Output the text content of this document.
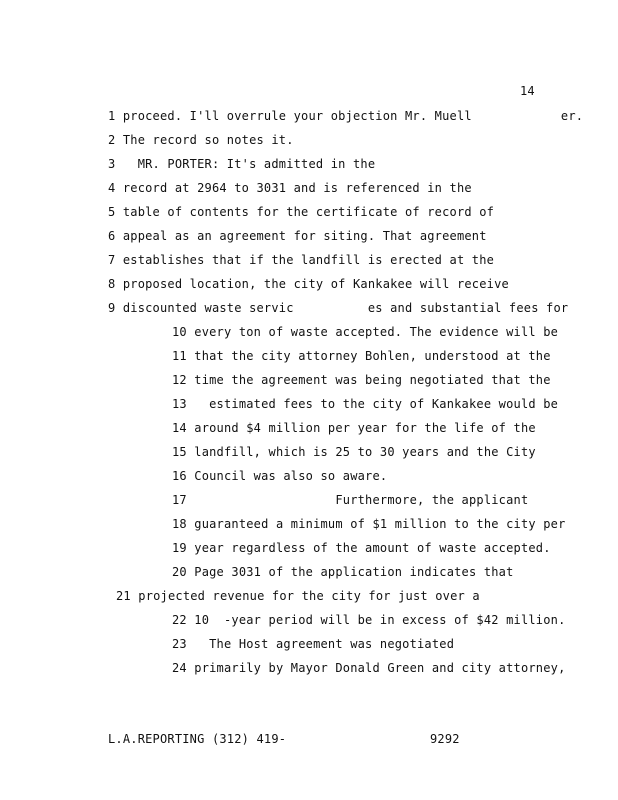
14
1 proceed. I'll overrule your objection Mr. Muell            er.
2 The record so notes it.
3   MR. PORTER: It's admitted in the
4 record at 2964 to 3031 and is referenced in the
5 table of contents for the certificate of record of
6 appeal as an agreement for siting. That agreement
7 establishes that if the landfill is erected at the
8 proposed location, the city of Kankakee will receive
9 discounted waste servic          es and substantial fees for
10 every ton of waste accepted. The evidence will be
11 that the city attorney Bohlen, understood at the
12 time the agreement was being negotiated that the
13   estimated fees to the city of Kankakee would be
14 around $4 million per year for the life of the
15 landfill, which is 25 to 30 years and the City
16 Council was also so aware.
17                    Furthermore, the applicant
18 guaranteed a minimum of $1 million to the city per
19 year regardless of the amount of waste accepted.
20 Page 3031 of the application indicates that
21 projected revenue for the city for just over a
22 10  -year period will be in excess of $42 million.
23   The Host agreement was negotiated
24 primarily by Mayor Donald Green and city attorney,
L.A.REPORTING (312) 419-	9292
